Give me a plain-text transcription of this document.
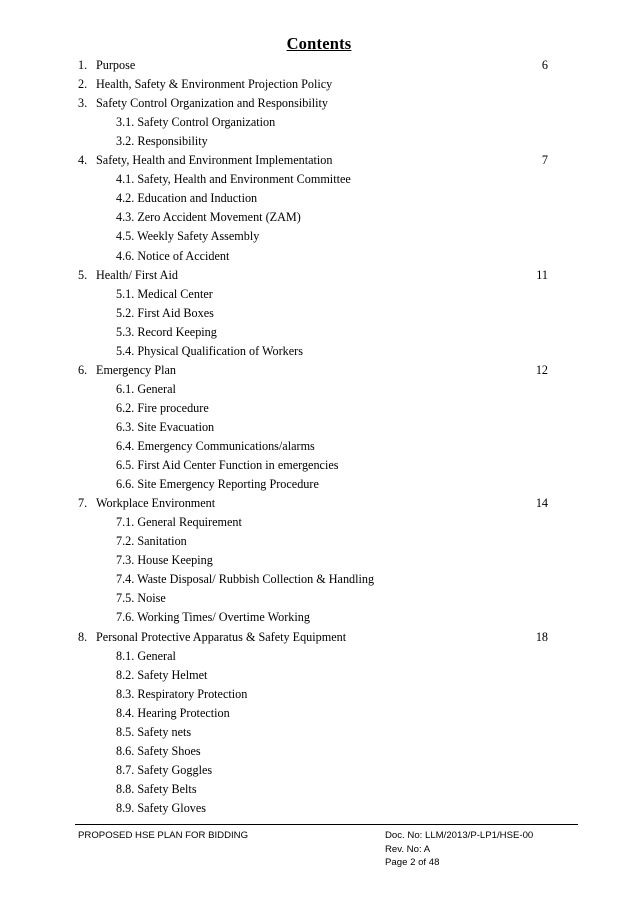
Contents
1. Purpose	6
2. Health, Safety & Environment Projection Policy
3. Safety Control Organization and Responsibility
3.1. Safety Control Organization
3.2. Responsibility
4. Safety, Health and Environment Implementation	7
4.1. Safety, Health and Environment Committee
4.2. Education and Induction
4.3. Zero Accident Movement (ZAM)
4.5. Weekly Safety Assembly
4.6. Notice of Accident
5. Health/ First Aid	11
5.1. Medical Center
5.2. First Aid Boxes
5.3. Record Keeping
5.4. Physical Qualification of Workers
6. Emergency Plan	12
6.1. General
6.2. Fire procedure
6.3. Site Evacuation
6.4. Emergency Communications/alarms
6.5. First Aid Center Function in emergencies
6.6. Site Emergency Reporting Procedure
7. Workplace Environment	14
7.1. General Requirement
7.2. Sanitation
7.3. House Keeping
7.4. Waste Disposal/ Rubbish Collection & Handling
7.5. Noise
7.6. Working Times/ Overtime Working
8. Personal Protective Apparatus & Safety Equipment	18
8.1. General
8.2. Safety Helmet
8.3. Respiratory Protection
8.4. Hearing Protection
8.5. Safety nets
8.6. Safety Shoes
8.7. Safety Goggles
8.8. Safety Belts
8.9. Safety Gloves
PROPOSED HSE PLAN FOR BIDDING	Doc. No: LLM/2013/P-LP1/HSE-00
Rev. No: A
Page 2 of 48
